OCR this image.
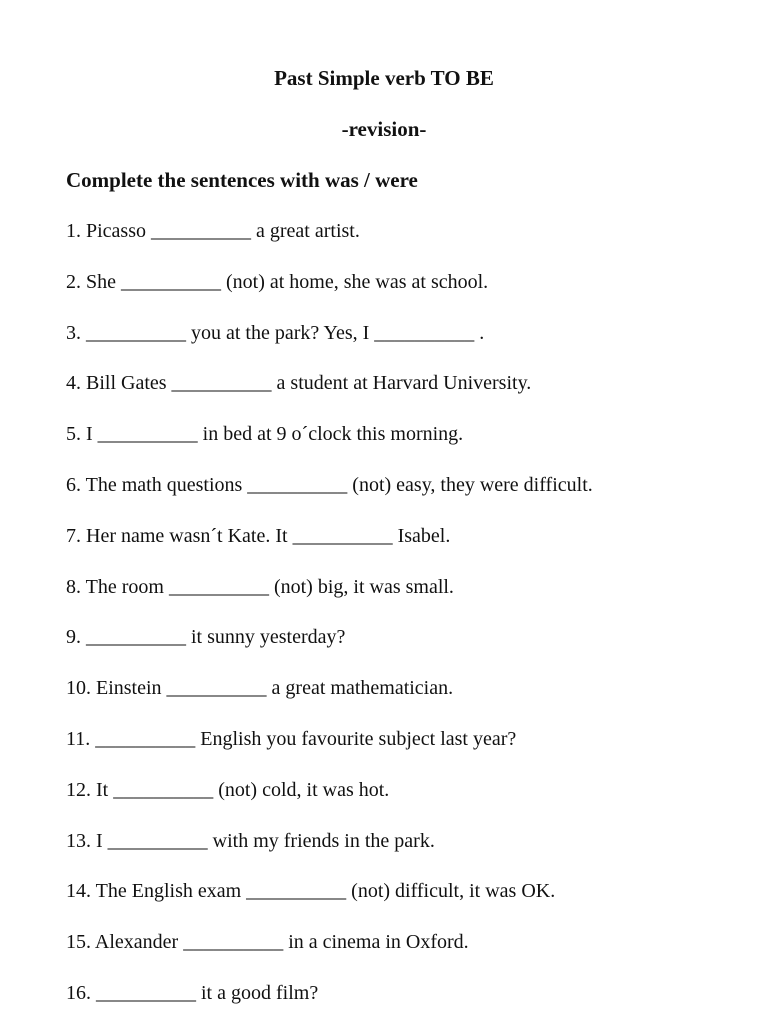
Past Simple verb TO BE
-revision-
Complete the sentences with was / were
1. Picasso __________ a great artist.
2. She __________ (not) at home, she was at school.
3. __________ you at the park? Yes, I __________ .
4. Bill Gates __________ a student at Harvard University.
5. I __________ in bed at 9 o´clock this morning.
6. The math questions __________ (not) easy, they were difficult.
7. Her name wasn´t Kate. It __________ Isabel.
8. The room __________ (not) big, it was small.
9. __________ it sunny yesterday?
10. Einstein __________ a great mathematician.
11. __________ English you favourite subject last year?
12. It __________ (not) cold, it was hot.
13. I __________ with my friends in the park.
14. The English exam __________ (not) difficult, it was OK.
15. Alexander __________ in a cinema in Oxford.
16. __________ it a good film?
